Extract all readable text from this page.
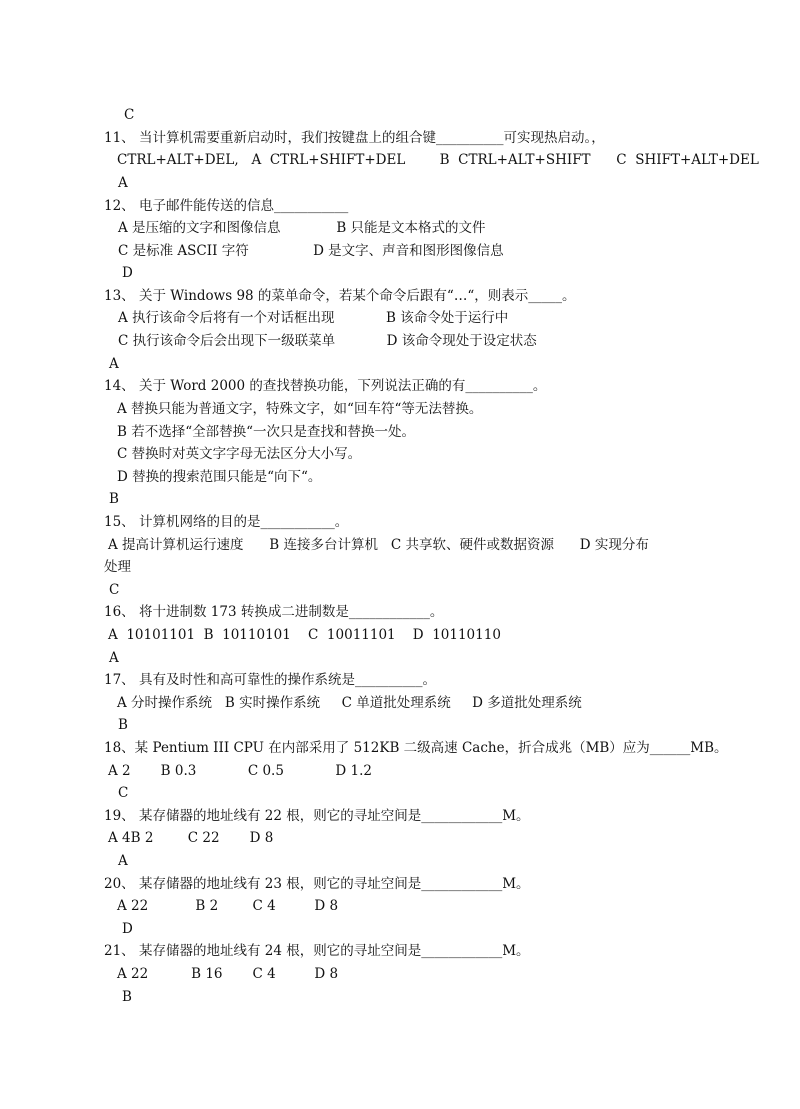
C
11、 当计算机需要重新启动时，我们按键盘上的组合键__________可实现热启动。，
CTRL+ALT+DEL,   A  CTRL+SHIFT+DEL        B  CTRL+ALT+SHIFT      C  SHIFT+ALT+DEL
A
12、 电子邮件能传送的信息___________
A 是压缩的文字和图像信息             B 只能是文本格式的文件
C 是标准 ASCII 字符               D 是文字、声音和图形图像信息
D
13、 关于 Windows 98 的菜单命令，若某个命令后跟有“…“，则表示_____。
A 执行该命令后将有一个对话框出现            B 该命令处于运行中
C 执行该命令后会出现下一级联菜单            D 该命令现处于设定状态
A
14、 关于 Word 2000 的查找替换功能，下列说法正确的有__________。
A 替换只能为普通文字，特殊文字，如“回车符“等无法替换。
B 若不选择“全部替换“一次只是查找和替换一处。
C 替换时对英文字字母无法区分大小写。
D 替换的搜索范围只能是“向下“。
B
15、 计算机网络的目的是___________。
A 提高计算机运行速度      B 连接多台计算机   C 共享软、硬件或数据资源      D 实现分布
处理
C
16、 将十进制数 173 转换成二进制数是____________。
A  10101101  B  10110101    C  10011101    D  10110110
A
17、 具有及时性和高可靠性的操作系统是__________。
A 分时操作系统   B 实时操作系统     C 单道批处理系统     D 多道批处理系统
B
18、某 Pentium III CPU 在内部采用了 512KB 二级高速 Cache，折合成兆（MB）应为______MB。
A 2       B 0.3            C 0.5            D 1.2
C
19、 某存储器的地址线有 22 根，则它的寻址空间是____________M。
A 4B 2        C 22       D 8
A
20、 某存储器的地址线有 23 根，则它的寻址空间是____________M。
A 22           B 2        C 4         D 8
D
21、 某存储器的地址线有 24 根，则它的寻址空间是____________M。
A 22          B 16       C 4         D 8
B
